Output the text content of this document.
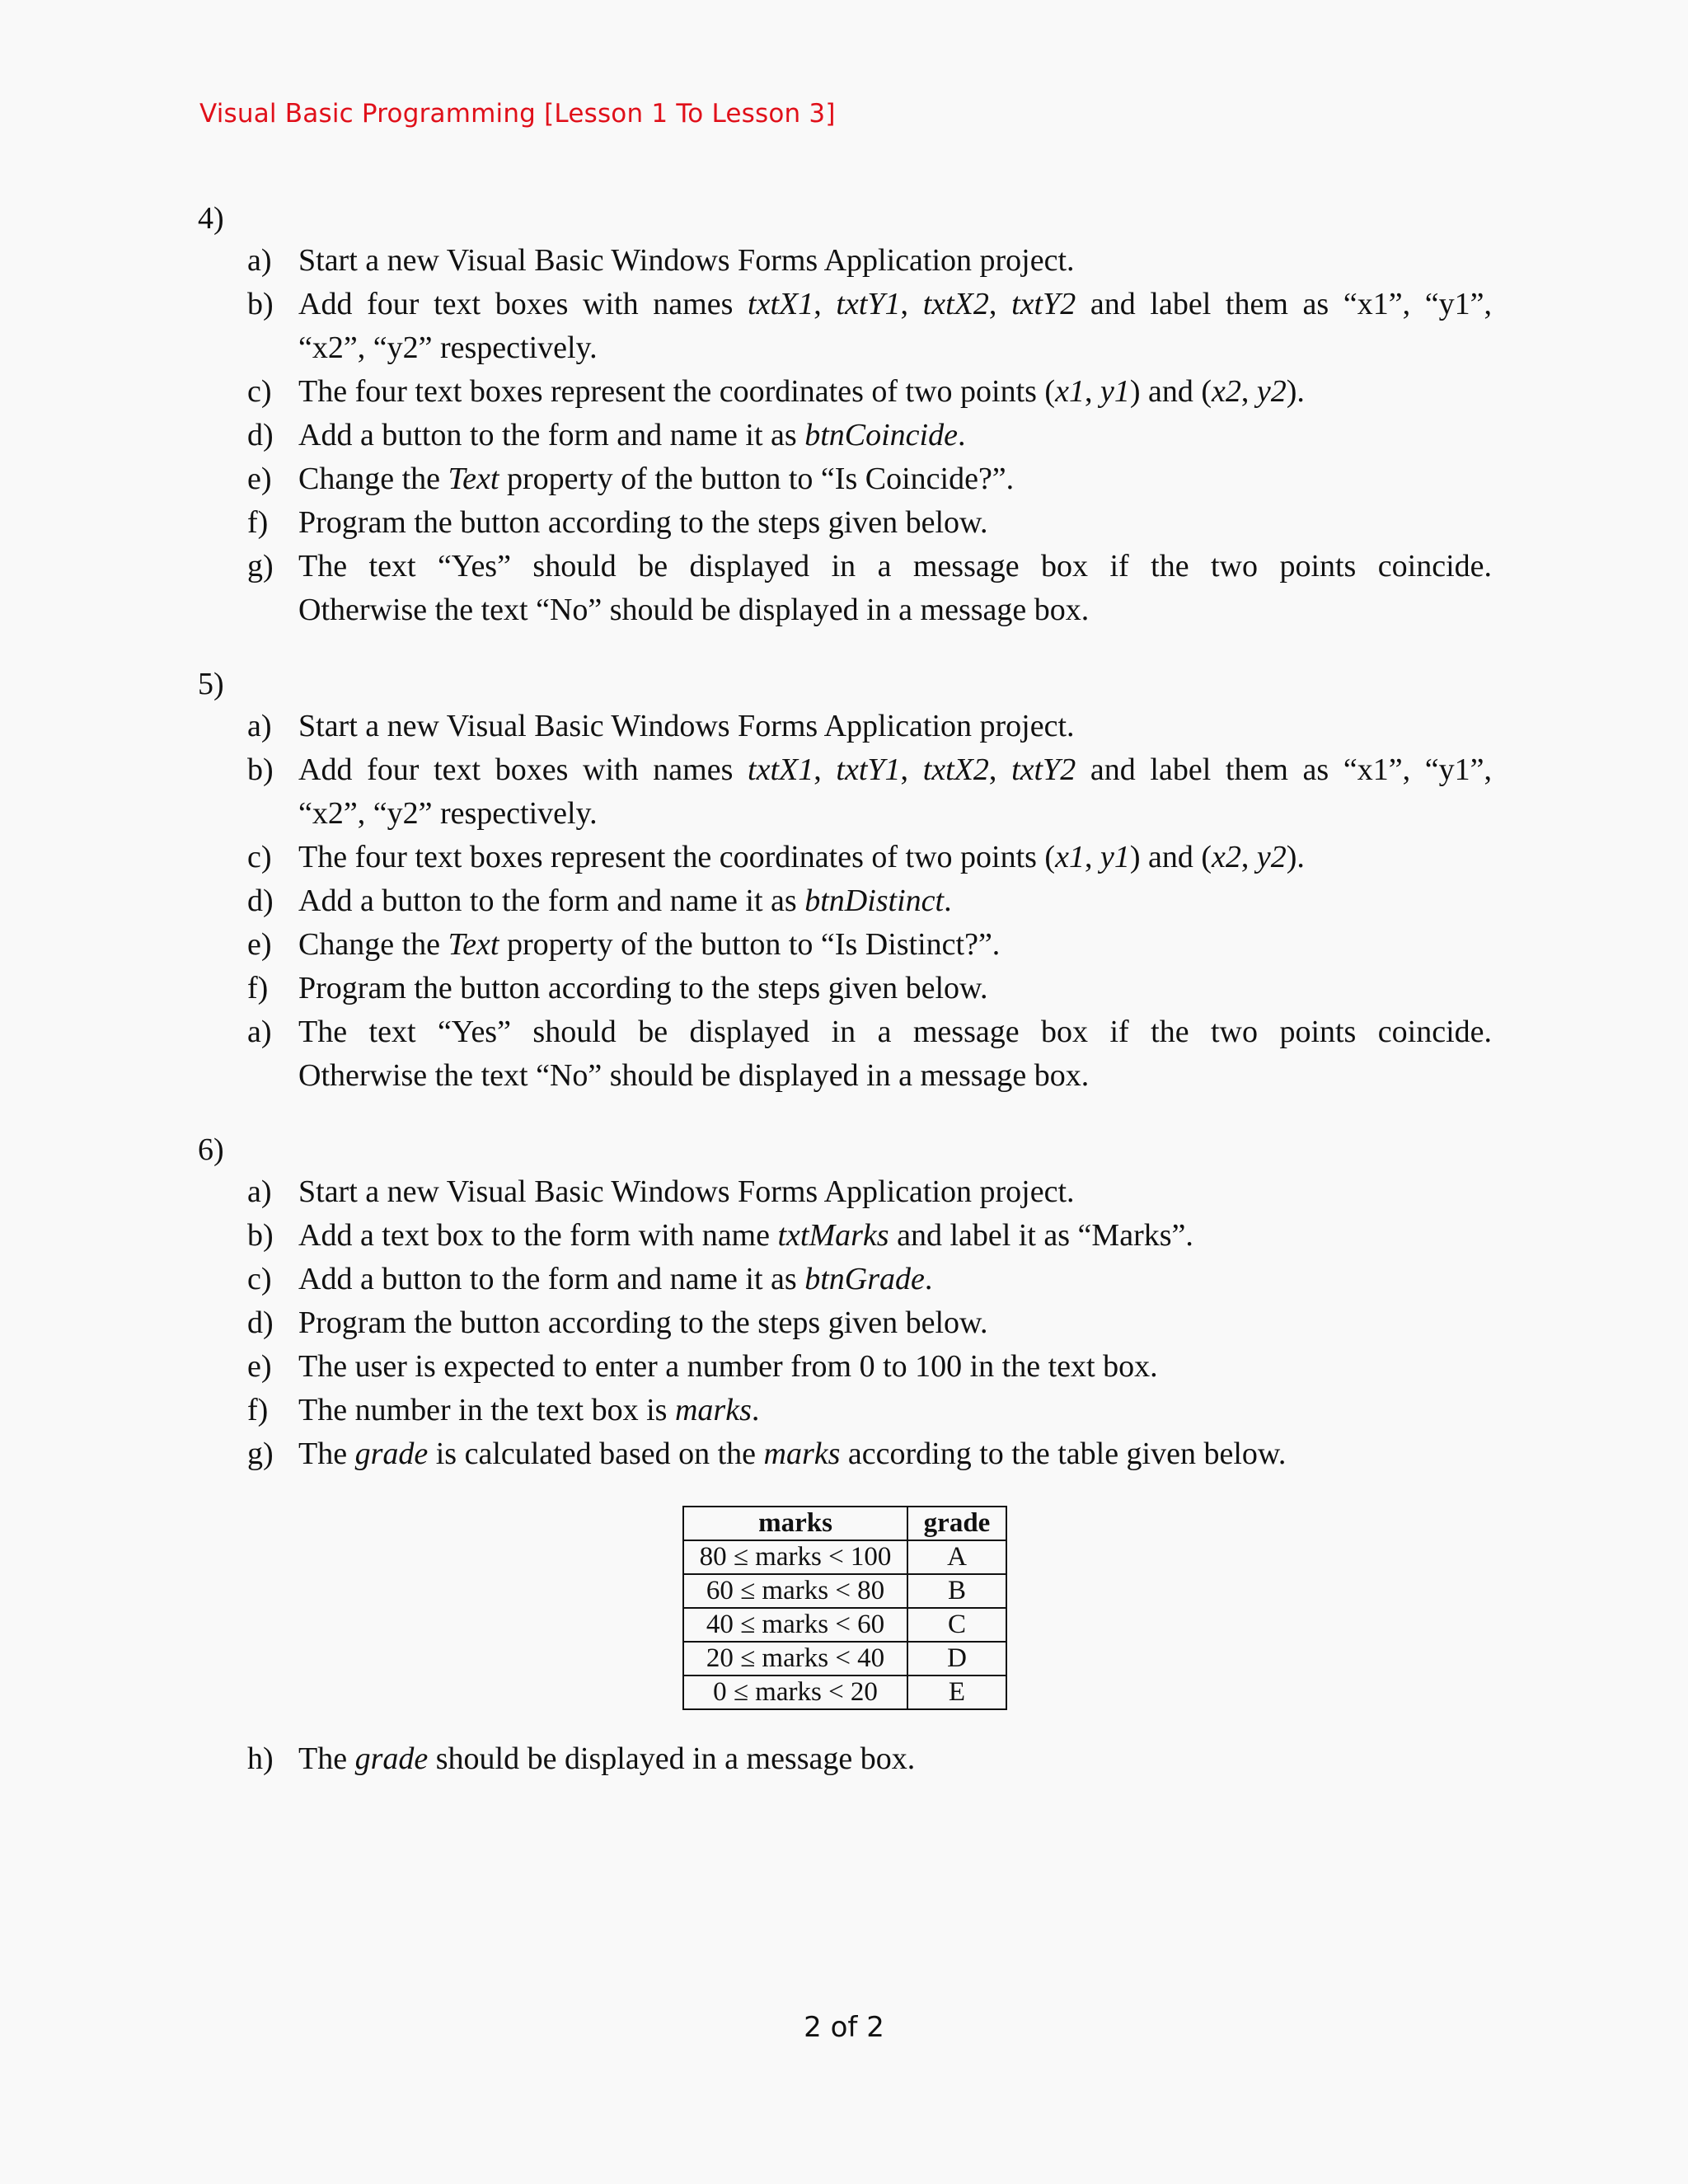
Visual Basic Programming [Lesson 1 To Lesson 3]
4)
a) Start a new Visual Basic Windows Forms Application project.
b) Add four text boxes with names txtX1, txtY1, txtX2, txtY2 and label them as “x1”, “y1”,
“x2”, “y2” respectively.
c) The four text boxes represent the coordinates of two points (x1, y1) and (x2, y2).
d) Add a button to the form and name it as btnCoincide.
e) Change the Text property of the button to “Is Coincide?”.
f) Program the button according to the steps given below.
g) The text “Yes” should be displayed in a message box if the two points coincide.
Otherwise the text “No” should be displayed in a message box.
5)
a) Start a new Visual Basic Windows Forms Application project.
b) Add four text boxes with names txtX1, txtY1, txtX2, txtY2 and label them as “x1”, “y1”,
“x2”, “y2” respectively.
c) The four text boxes represent the coordinates of two points (x1, y1) and (x2, y2).
d) Add a button to the form and name it as btnDistinct.
e) Change the Text property of the button to “Is Distinct?”.
f) Program the button according to the steps given below.
a) The text “Yes” should be displayed in a message box if the two points coincide.
Otherwise the text “No” should be displayed in a message box.
6)
a) Start a new Visual Basic Windows Forms Application project.
b) Add a text box to the form with name txtMarks and label it as “Marks”.
c) Add a button to the form and name it as btnGrade.
d) Program the button according to the steps given below.
e) The user is expected to enter a number from 0 to 100 in the text box.
f) The number in the text box is marks.
g) The grade is calculated based on the marks according to the table given below.
marks	grade
80 ≤ marks < 100	A
60 ≤ marks < 80	B
40 ≤ marks < 60	C
20 ≤ marks < 40	D
0 ≤ marks < 20	E
h) The grade should be displayed in a message box.
2 of 2
